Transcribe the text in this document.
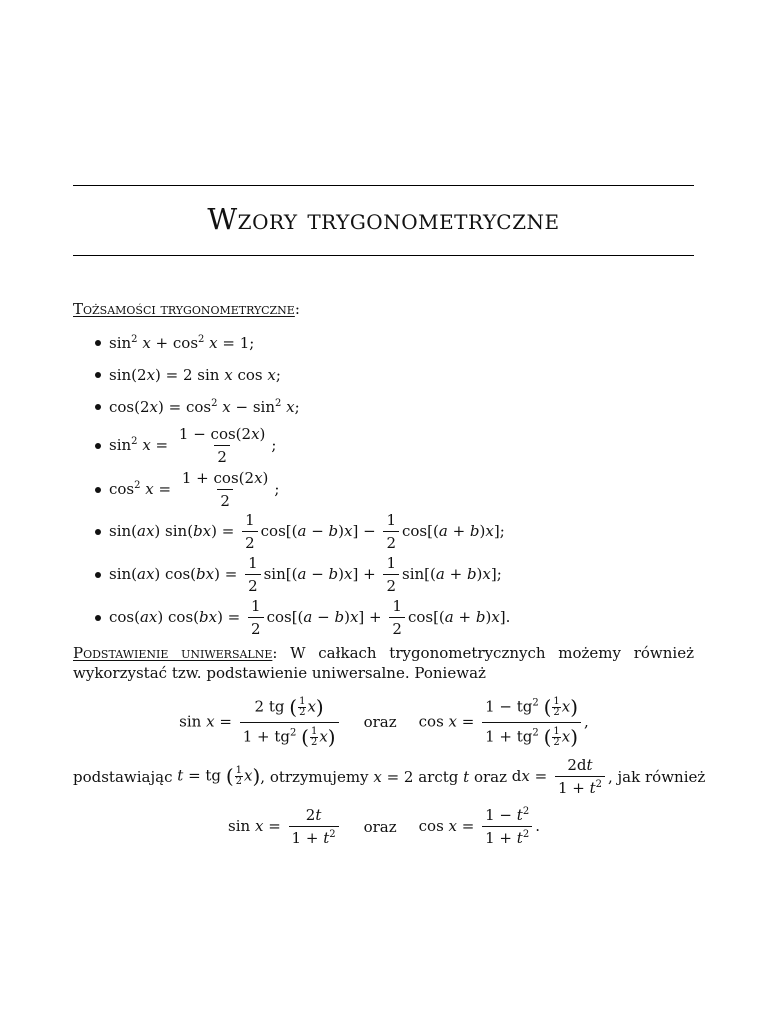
Wzory trygonometryczne
Tożsamości trygonometryczne:
$\sin^2 x + \cos^2 x = 1$;
sin(2x) = 2 sin x cos x;
$\cos(2x) = \cos^2 x - \sin^2 x$;
$\sin^2 x = \frac{1 - \cos(2x)}{2}$ ;
$\cos^2 x = \frac{1 + \cos(2x)}{2}$ ;
sin(ax) $\sin(bx) = \frac{1}{2} \cos[(a - b)x] - \frac{1}{2} \cos[(a + b)x]$;
sin(ax) $\cos(bx) = \frac{1}{2} \sin[(a - b)x] + \frac{1}{2} \sin[(a + b)x]$;
cos(ax) $\cos(bx) = \frac{1}{2} \cos[(a - b)x] + \frac{1}{2} \cos[(a + b)x]$.
Podstawienie uniwersalne: W całkach trygonometrycznych możemy również wykorzystać tzw. podstawienie uniwersalne. Ponieważ
$\sin x = \frac{2 tg ( \frac{1}{2} x)}{1 + tg^2 ( \frac{1}{2} x)}$ oraz $\cos x = \frac{1 - tg^2 ( \frac{1}{2} x)}{1 + tg^2 ( \frac{1}{2} x)}$ ,
podstawiając t = tg ( $\frac{1}{2} x$) , otrzymujemy x = 2 arctg t oraz dx = $\frac{2dt}{1 + t^2}$ , jak również
$\sin x = \frac{2t}{1 + t^2}$ oraz $\cos x = \frac{1 - t^2}{1 + t^2}$ .
